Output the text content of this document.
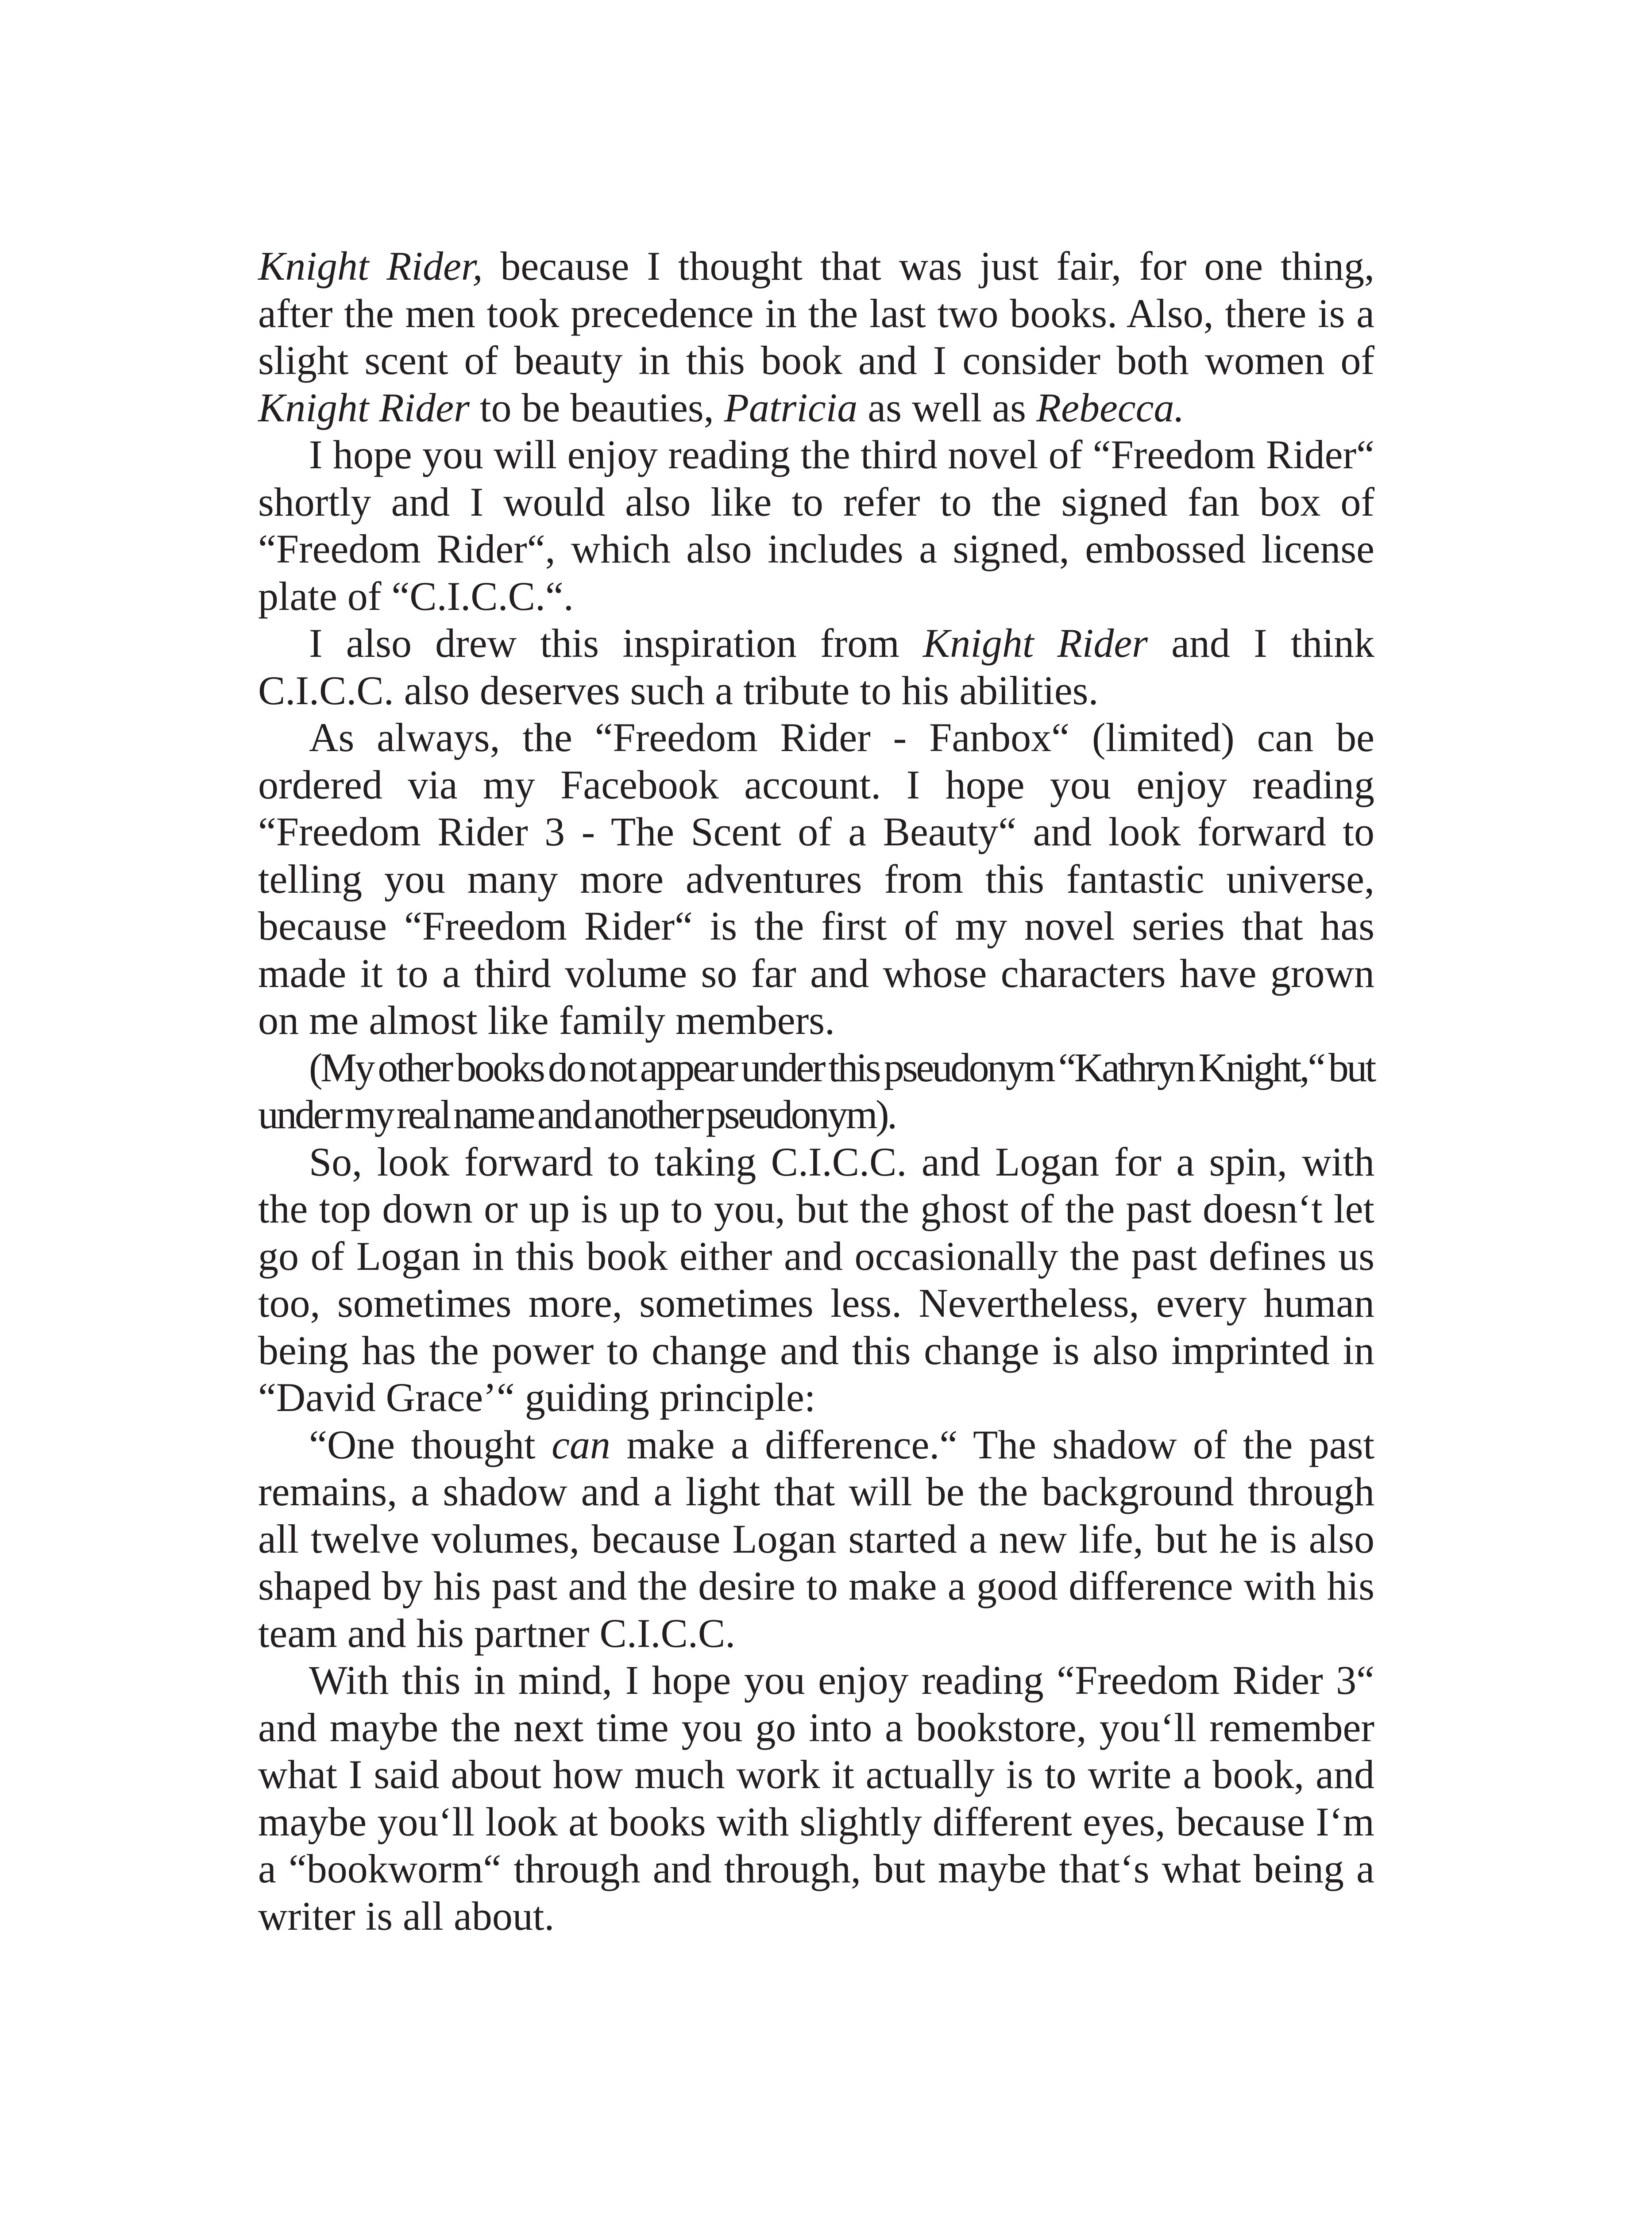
Knight Rider, because I thought that was just fair, for one thing, after the men took precedence in the last two books. Also, there is a slight scent of beauty in this book and I consider both women of Knight Rider to be beauties, Patricia as well as Rebecca.

I hope you will enjoy reading the third novel of “Freedom Rider“ shortly and I would also like to refer to the signed fan box of “Freedom Rider“, which also includes a signed, embossed license plate of “C.I.C.C.“.

I also drew this inspiration from Knight Rider and I think C.I.C.C. also deserves such a tribute to his abilities.

As always, the “Freedom Rider - Fanbox“ (limited) can be ordered via my Facebook account. I hope you enjoy reading “Freedom Rider 3 - The Scent of a Beauty“ and look forward to telling you many more adventures from this fantastic universe, because “Freedom Rider“ is the first of my novel series that has made it to a third volume so far and whose characters have grown on me almost like family members.

(My other books do not appear under this pseudonym “Kathryn Knight,“ but under my real name and another pseudonym).

So, look forward to taking C.I.C.C. and Logan for a spin, with the top down or up is up to you, but the ghost of the past doesn‘t let go of Logan in this book either and occasionally the past defines us too, sometimes more, sometimes less. Nevertheless, every human being has the power to change and this change is also imprinted in “David Grace’“ guiding principle:

“One thought can make a difference.“ The shadow of the past remains, a shadow and a light that will be the background through all twelve volumes, because Logan started a new life, but he is also shaped by his past and the desire to make a good difference with his team and his partner C.I.C.C.

With this in mind, I hope you enjoy reading “Freedom Rider 3“ and maybe the next time you go into a bookstore, you‘ll remember what I said about how much work it actually is to write a book, and maybe you‘ll look at books with slightly different eyes, because I‘m a “bookworm“ through and through, but maybe that‘s what being a writer is all about.
